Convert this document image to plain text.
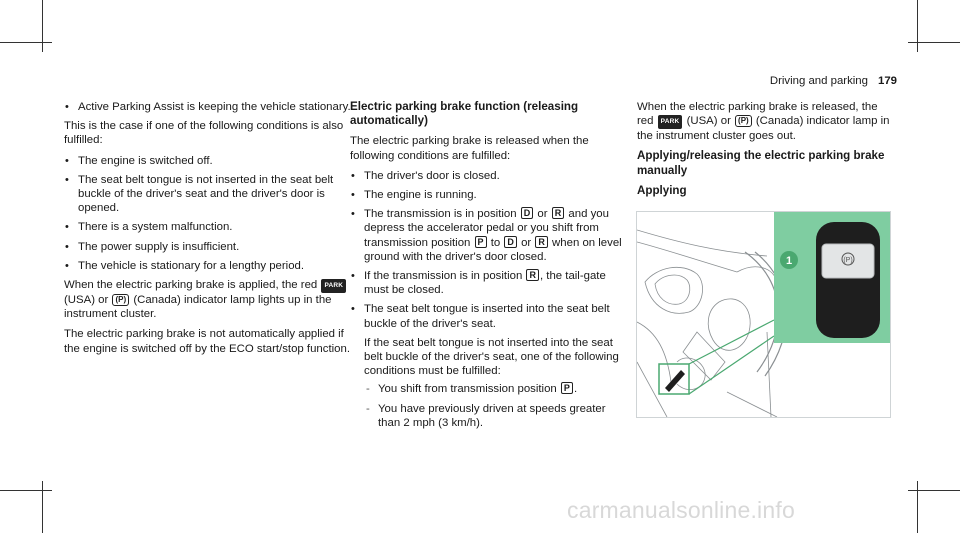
Driving and parking 179
• Active Parking Assist is keeping the vehicle stationary.

This is the case if one of the following conditions is also fulfilled:

• The engine is switched off.
• The seat belt tongue is not inserted in the seat belt buckle of the driver's seat and the driver's door is opened.
• There is a system malfunction.
• The power supply is insufficient.
• The vehicle is stationary for a lengthy period.

When the electric parking brake is applied, the red PARK (USA) or (P) (Canada) indicator lamp lights up in the instrument cluster.

The electric parking brake is not automatically applied if the engine is switched off by the ECO start/stop function.

Electric parking brake function (releasing automatically)

The electric parking brake is released when the following conditions are fulfilled:

• The driver's door is closed.
• The engine is running.
• The transmission is in position D or R and you depress the accelerator pedal or you shift from transmission position P to D or R when on level ground with the driver's door closed.
• If the transmission is in position R , the tail-gate must be closed.
• The seat belt tongue is inserted into the seat belt buckle of the driver's seat.

If the seat belt tongue is not inserted into the seat belt buckle of the driver's seat, one of the following conditions must be fulfilled:

- You shift from transmission position P .
- You have previously driven at speeds greater than 2 mph (3 km/h).

When the electric parking brake is released, the red PARK (USA) or (P) (Canada) indicator lamp in the instrument cluster goes out.

Applying/releasing the electric parking brake manually
Applying
(P)
1
carmanualsonline.info
